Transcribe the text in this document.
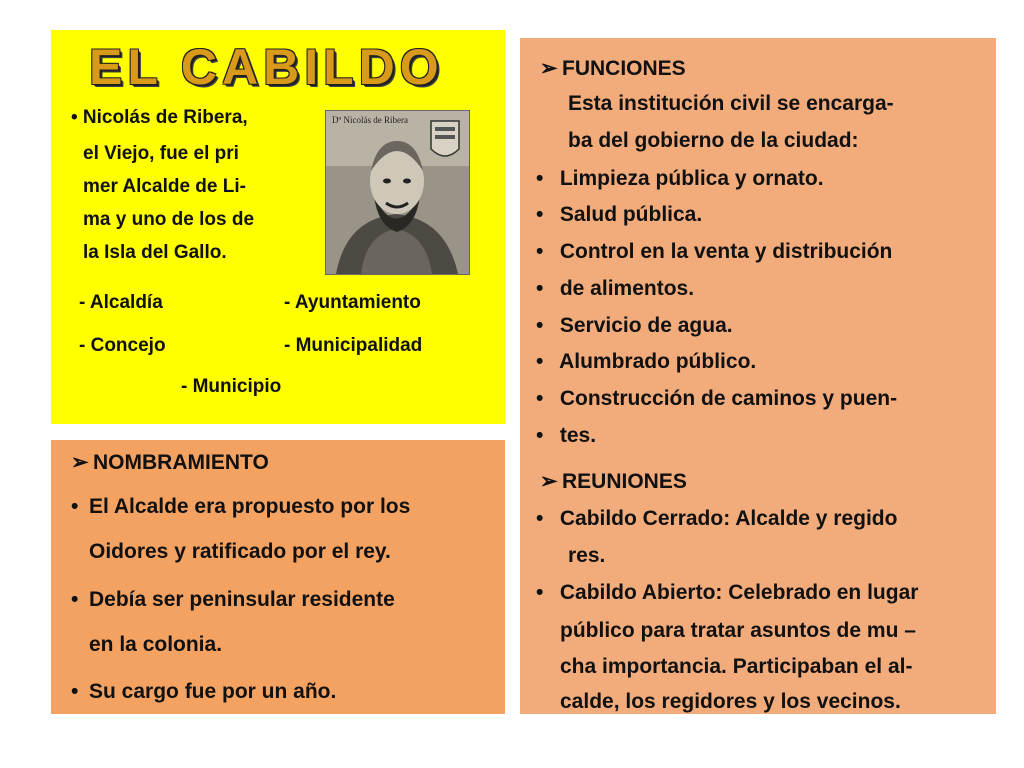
EL CABILDO
• Nicolás de Ribera,
el Viejo, fue el pri
mer Alcalde de Li-
ma y uno de los de
la Isla del Gallo.
Dº Nicolás de Ribera
- Alcaldía	- Ayuntamiento
- Concejo	- Municipalidad
- Municipio
➢ NOMBRAMIENTO
• El Alcalde era propuesto por los
Oidores y ratificado por el rey.
• Debía ser peninsular residente
en la colonia.
• Su cargo fue por un año.
➢ FUNCIONES
Esta institución civil se encarga-
ba del gobierno de la ciudad:
• Limpieza pública y ornato.
• Salud pública.
• Control en la venta y distribución
• de alimentos.
• Servicio de agua.
• Alumbrado público.
• Construcción de caminos y puen-
• tes.
➢ REUNIONES
• Cabildo Cerrado: Alcalde y regido
res.
• Cabildo Abierto: Celebrado en lugar
público para tratar asuntos de mu –
cha importancia. Participaban el al-
calde, los regidores y los vecinos.
